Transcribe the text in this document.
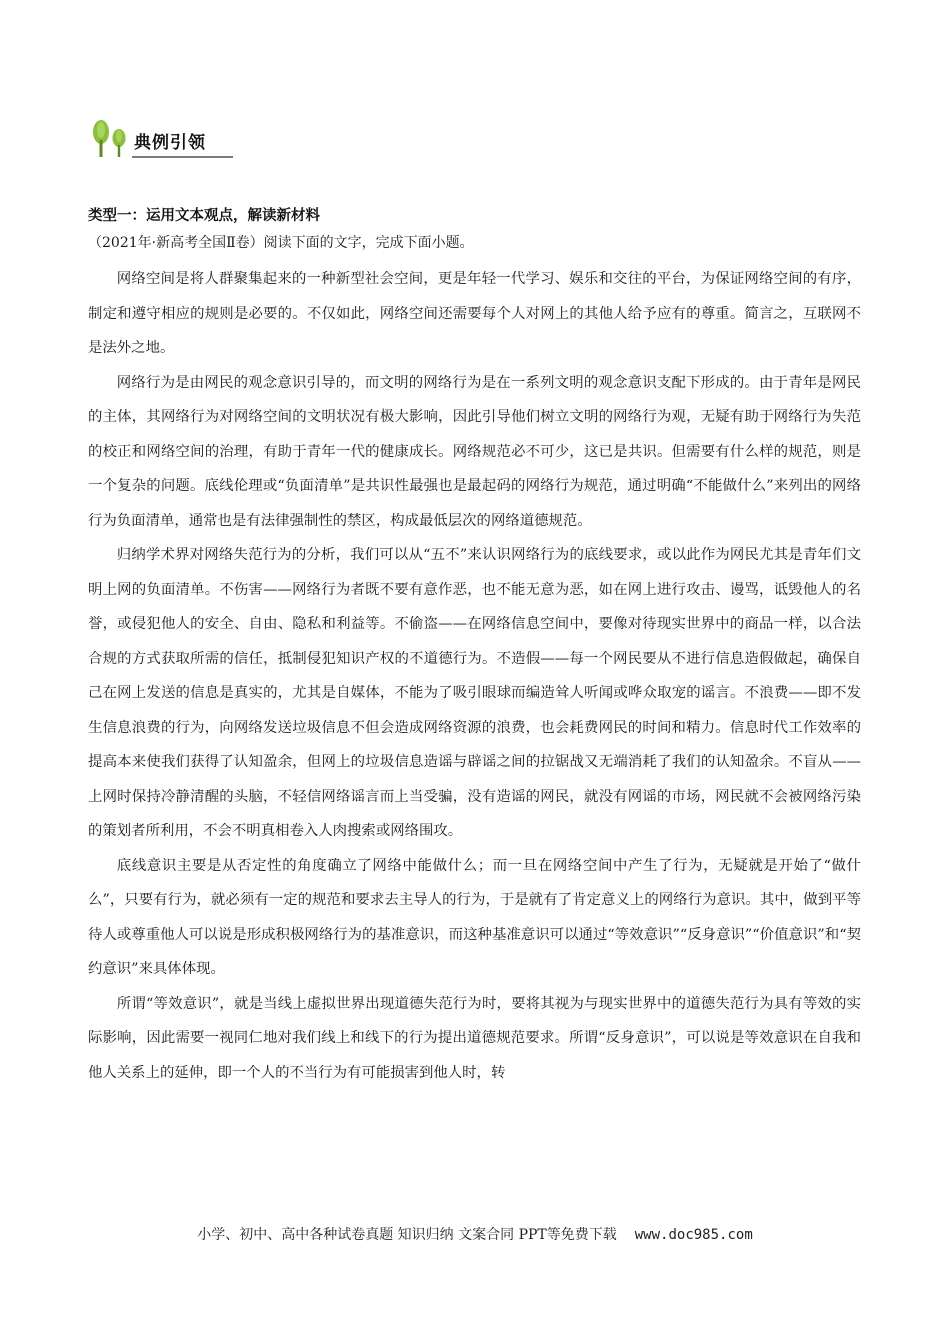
典例引领
类型一：运用文本观点，解读新材料
（2021年·新高考全国Ⅱ卷）阅读下面的文字，完成下面小题。

网络空间是将人群聚集起来的一种新型社会空间，更是年轻一代学习、娱乐和交往的平台，为保证网络空间的有序，制定和遵守相应的规则是必要的。不仅如此，网络空间还需要每个人对网上的其他人给予应有的尊重。简言之，互联网不是法外之地。

网络行为是由网民的观念意识引导的，而文明的网络行为是在一系列文明的观念意识支配下形成的。由于青年是网民的主体，其网络行为对网络空间的文明状况有极大影响，因此引导他们树立文明的网络行为观，无疑有助于网络行为失范的校正和网络空间的治理，有助于青年一代的健康成长。网络规范必不可少，这已是共识。但需要有什么样的规范，则是一个复杂的问题。底线伦理或“负面清单”是共识性最强也是最起码的网络行为规范，通过明确“不能做什么”来列出的网络行为负面清单，通常也是有法律强制性的禁区，构成最低层次的网络道德规范。

归纳学术界对网络失范行为的分析，我们可以从“五不”来认识网络行为的底线要求，或以此作为网民尤其是青年们文明上网的负面清单。不伤害——网络行为者既不要有意作恶，也不能无意为恶，如在网上进行攻击、谩骂，诋毁他人的名誉，或侵犯他人的安全、自由、隐私和利益等。不偷盗——在网络信息空间中，要像对待现实世界中的商品一样，以合法合规的方式获取所需的信任，抵制侵犯知识产权的不道德行为。不造假——每一个网民要从不进行信息造假做起，确保自己在网上发送的信息是真实的，尤其是自媒体，不能为了吸引眼球而编造耸人听闻或哗众取宠的谣言。不浪费——即不发生信息浪费的行为，向网络发送垃圾信息不但会造成网络资源的浪费，也会耗费网民的时间和精力。信息时代工作效率的提高本来使我们获得了认知盈余，但网上的垃圾信息造谣与辟谣之间的拉锯战又无端消耗了我们的认知盈余。不盲从——上网时保持冷静清醒的头脑，不轻信网络谣言而上当受骗，没有造谣的网民，就没有网谣的市场，网民就不会被网络污染的策划者所利用，不会不明真相卷入人肉搜索或网络围攻。

底线意识主要是从否定性的角度确立了网络中能做什么；而一旦在网络空间中产生了行为，无疑就是开始了“做什么”，只要有行为，就必须有一定的规范和要求去主导人的行为，于是就有了肯定意义上的网络行为意识。其中，做到平等待人或尊重他人可以说是形成积极网络行为的基准意识，而这种基准意识可以通过“等效意识”“反身意识”“价值意识”和“契约意识”来具体体现。

所谓“等效意识”，就是当线上虚拟世界出现道德失范行为时，要将其视为与现实世界中的道德失范行为具有等效的实际影响，因此需要一视同仁地对我们线上和线下的行为提出道德规范要求。所谓“反身意识”，可以说是等效意识在自我和他人关系上的延伸，即一个人的不当行为有可能损害到他人时，转

小学、初中、高中各种试卷真题 知识归纳 文案合同 PPT等免费下载 www.doc985.com
